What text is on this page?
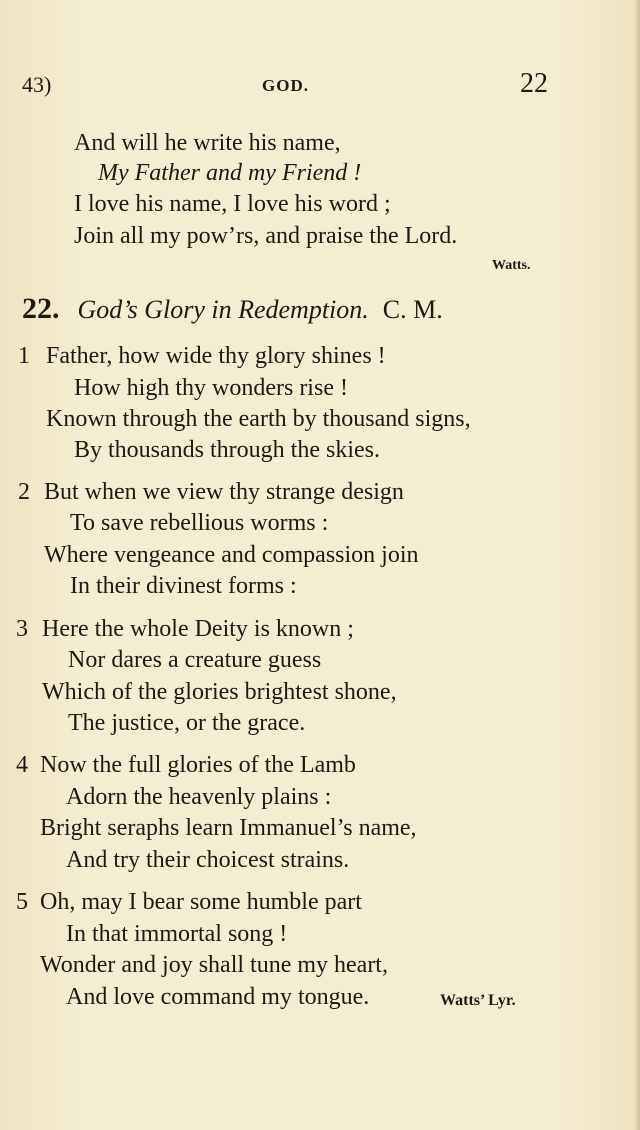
43)	GOD.	22
And will he write his name,
My Father and my Friend !
I love his name, I love his word ;
Join all my pow’rs, and praise the Lord.
Watts.
22. God’s Glory in Redemption. C. M.
1 Father, how wide thy glory shines !
How high thy wonders rise !
Known through the earth by thousand signs,
By thousands through the skies.
2 But when we view thy strange design
To save rebellious worms :
Where vengeance and compassion join
In their divinest forms :
3 Here the whole Deity is known ;
Nor dares a creature guess
Which of the glories brightest shone,
The justice, or the grace.
4 Now the full glories of the Lamb
Adorn the heavenly plains :
Bright seraphs learn Immanuel’s name,
And try their choicest strains.
5 Oh, may I bear some humble part
In that immortal song !
Wonder and joy shall tune my heart,
And love command my tongue.	Watts’ Lyr.
